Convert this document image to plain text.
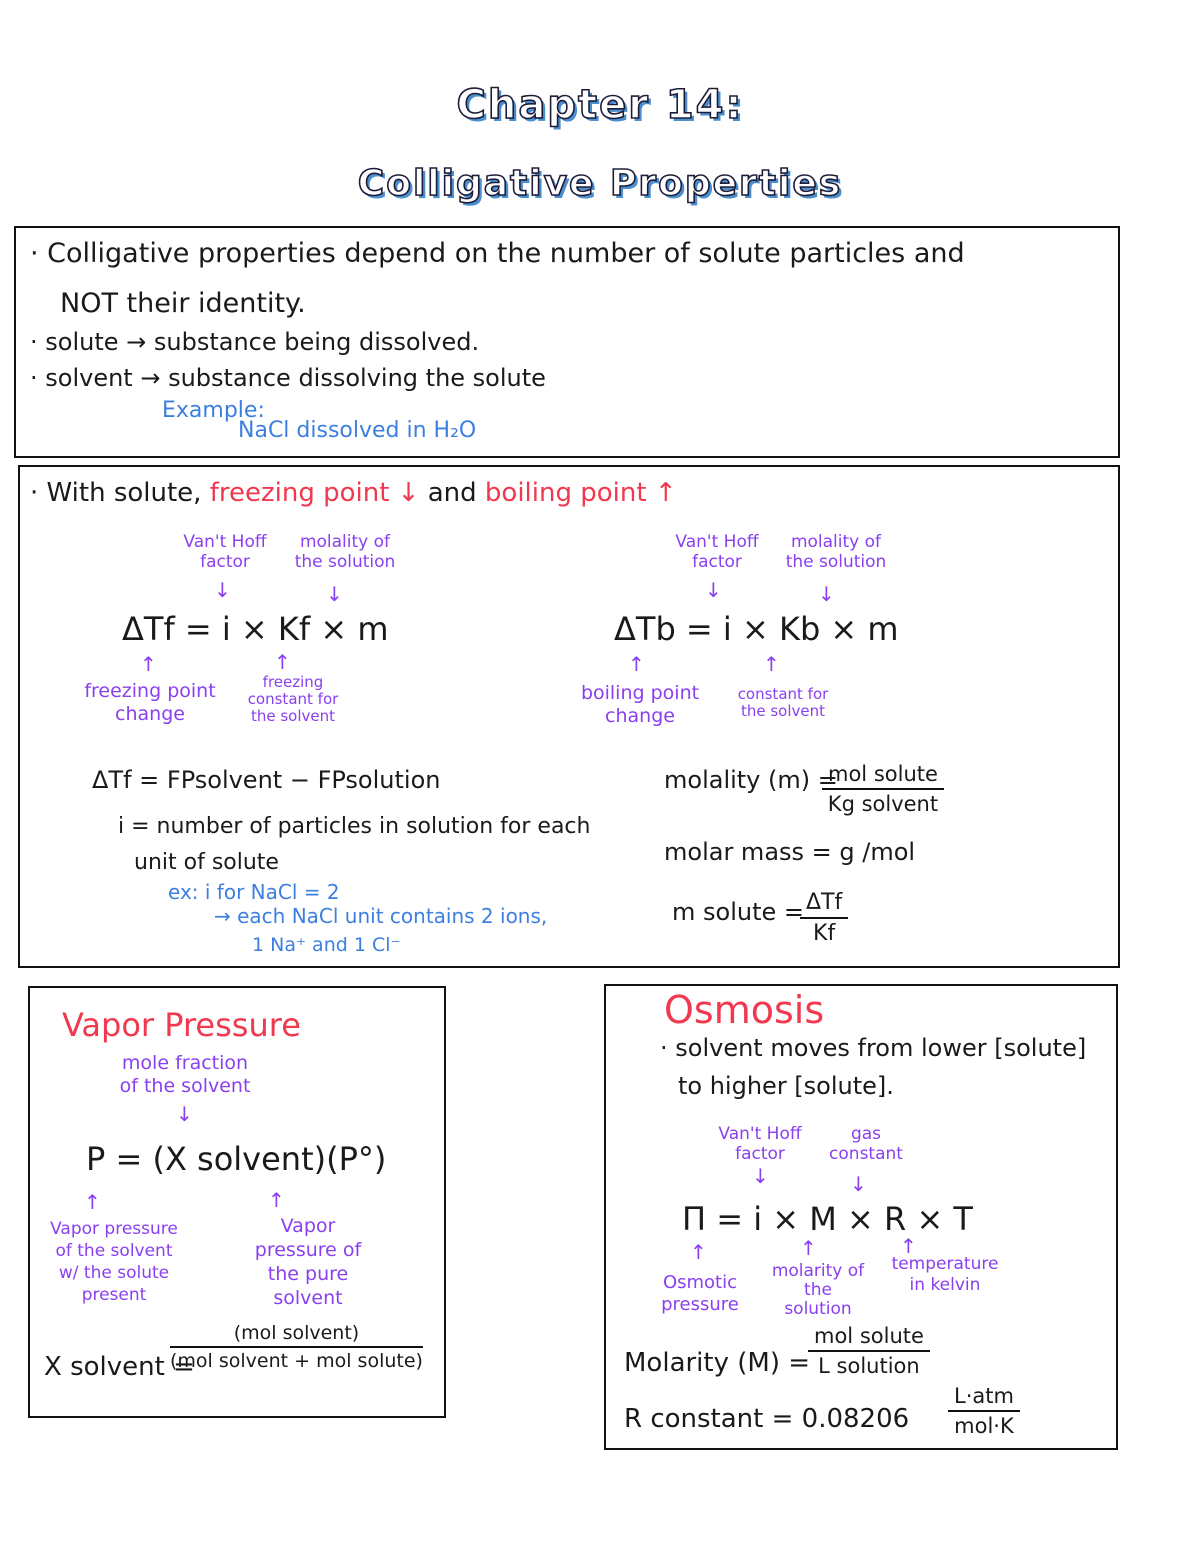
Chapter 14:
Colligative Properties
· Colligative properties depend on the number of solute particles and
NOT their identity.
· solute → substance being dissolved.
· solvent → substance dissolving the solute
Example:
NaCl dissolved in H₂O
· With solute, freezing point ↓ and boiling point ↑
Van't Hoff factor
molality of the solution
↓	↓
ΔTf = i × Kf × m
↑	↑
freezing point change
freezing constant for the solvent
Van't Hoff factor
molality of the solution
↓	↓
ΔTb = i × Kb × m
↑	↑
boiling point change
constant for the solvent
ΔTf = FPsolvent − FPsolution
i = number of particles in solution for each
unit of solute
ex: i for NaCl = 2
→ each NaCl unit contains 2 ions,
1 Na⁺ and 1 Cl⁻
molality (m) =
mol solute
Kg solvent
molar mass = g /mol
m solute = ΔTf
Kf
Vapor Pressure
mole fraction of the solvent
↓
P = (X solvent)(P°)
↑	↑
Vapor pressure of the solvent w/ the solute present
Vapor pressure of the pure solvent
X solvent =
(mol solvent)
(mol solvent + mol solute)
Osmosis
· solvent moves from lower [solute]
to higher [solute].
Van't Hoff factor
gas constant
↓	↓
Π = i × M × R × T
↑	↑	↑
Osmotic pressure
molarity of the solution
temperature in kelvin
Molarity (M) =
mol solute
L solution
R constant = 0.08206
L·atm
mol·K
